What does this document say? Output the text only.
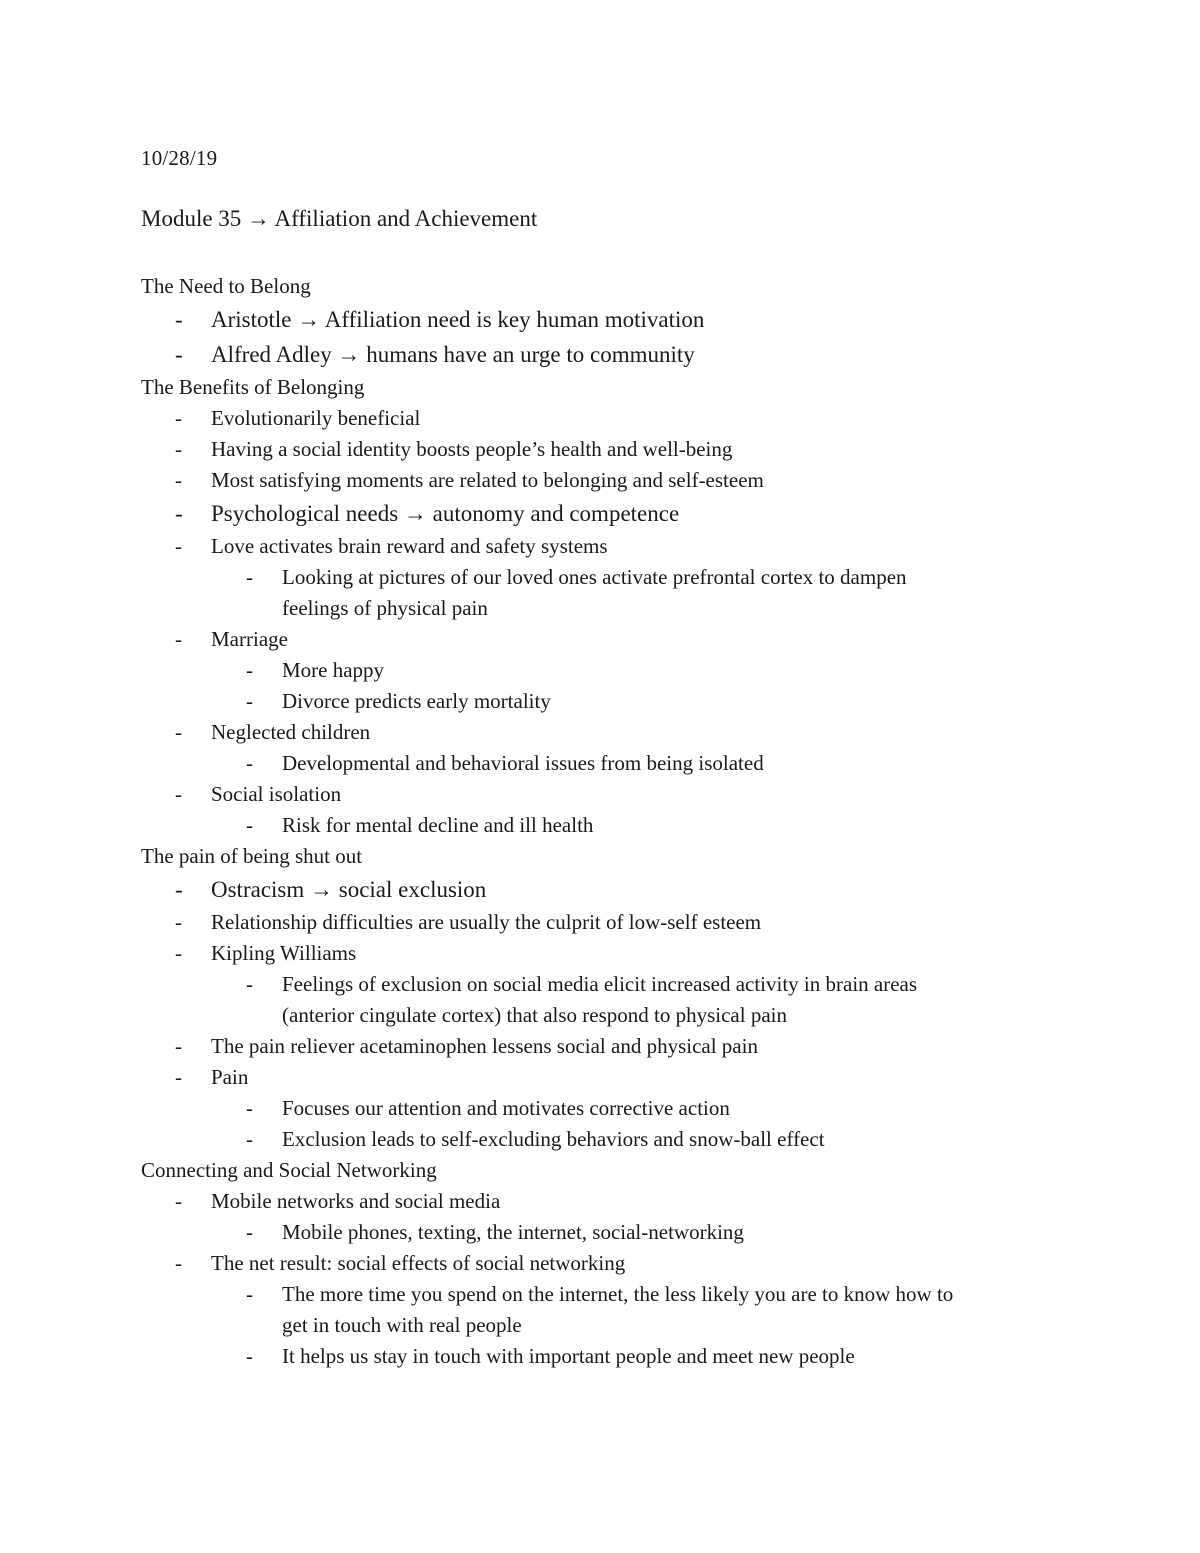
10/28/19
Module 35 → Affiliation and Achievement
The Need to Belong
- Aristotle → Affiliation need is key human motivation
- Alfred Adley → humans have an urge to community
The Benefits of Belonging
- Evolutionarily beneficial
- Having a social identity boosts people’s health and well-being
- Most satisfying moments are related to belonging and self-esteem
- Psychological needs → autonomy and competence
- Love activates brain reward and safety systems
- Looking at pictures of our loved ones activate prefrontal cortex to dampen
feelings of physical pain
- Marriage
- More happy
- Divorce predicts early mortality
- Neglected children
- Developmental and behavioral issues from being isolated
- Social isolation
- Risk for mental decline and ill health
The pain of being shut out
- Ostracism → social exclusion
- Relationship difficulties are usually the culprit of low-self esteem
- Kipling Williams
- Feelings of exclusion on social media elicit increased activity in brain areas
(anterior cingulate cortex) that also respond to physical pain
- The pain reliever acetaminophen lessens social and physical pain
- Pain
- Focuses our attention and motivates corrective action
- Exclusion leads to self-excluding behaviors and snow-ball effect
Connecting and Social Networking
- Mobile networks and social media
- Mobile phones, texting, the internet, social-networking
- The net result: social effects of social networking
- The more time you spend on the internet, the less likely you are to know how to
get in touch with real people
- It helps us stay in touch with important people and meet new people
